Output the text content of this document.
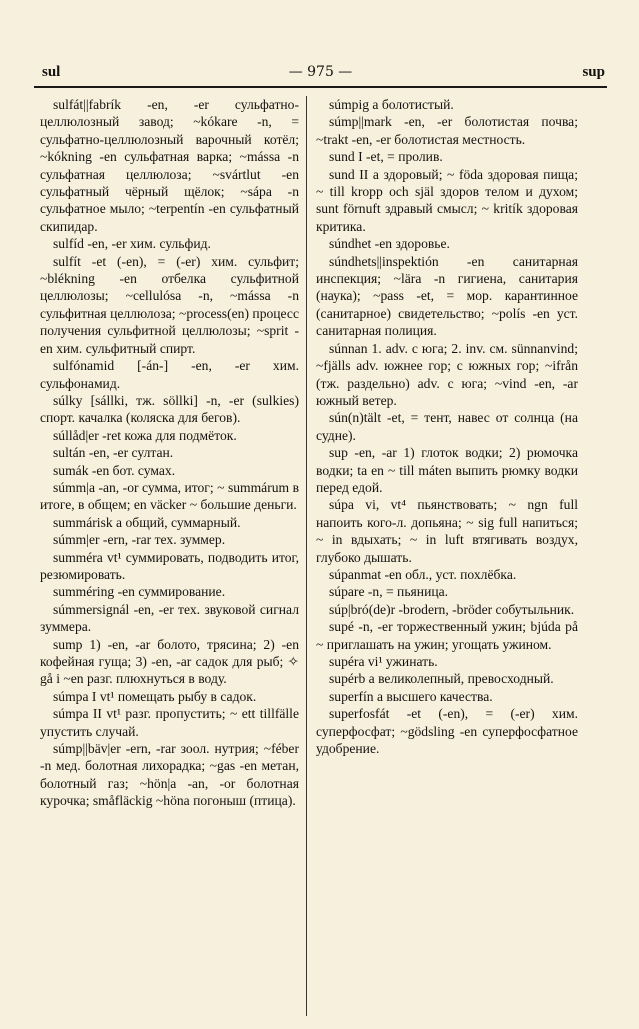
sul	— 975 —	sup

sulfát||fabrík -en, -er сульфатно-целлюлозный завод; ~kókare -n, = сульфатно-целлюлозный варочный котёл; ~kókning -en сульфатная варка; ~mássa -n сульфатная целлюлоза; ~svártlut -en сульфатный чёрный щёлок; ~sápa -n сульфатное мыло; ~terpentín -en сульфатный скипидар.

sulfíd -en, -er хим. сульфид.

sulfít -et (-en), = (-er) хим. сульфит; ~blékning -en отбелка сульфитной целлюлозы; ~cellulósa -n, ~mássa -n сульфитная целлюлоза; ~process(en) процесс получения сульфитной целлюлозы; ~sprit -en хим. сульфитный спирт.

sulfónamid [-án-] -en, -er хим. сульфонамид.

súlky [sállki, тж. söllki] -n, -er (sulkies) спорт. качалка (коляска для бегов).

súllåd|er -ret кожа для подмёток.

sultán -en, -er султан.

sumák -en бот. сумах.

súmm|a -an, -or сумма, итог; ~ summárum в итоге, в общем; en väcker ~ большие деньги.

summárisk a общий, суммарный.

súmm|er -ern, -rar тех. зуммер.

summéra vt¹ суммировать, подводить итог, резюмировать.

summéring -en суммирование.

súmmersignál -en, -er тех. звуковой сигнал зуммера.

sump 1) -en, -ar болото, трясина; 2) -en кофейная гуща; 3) -en, -ar садок для рыб; ✧ gå i ~en разг. плюхнуться в воду.

súmpa I vt¹ помещать рыбу в садок.

súmpa II vt¹ разг. пропустить; ~ ett tillfälle упустить случай.

súmp||bäv|er -ern, -rar зоол. нутрия; ~féber -n мед. болотная лихорадка; ~gas -en метан, болотный газ; ~hön|a -an, -or болотная курочка; småfläckig ~höna погоныш (птица).

súmpig a болотистый.

súmp||mark -en, -er болотистая почва; ~trakt -en, -er болотистая местность.

sund I -et, = пролив.

sund II a здоровый; ~ föda здоровая пища; ~ till kropp och själ здоров телом и духом; sunt förnuft здравый смысл; ~ kritík здоровая критика.

súndhet -en здоровье.

súndhets||inspektión -en санитарная инспекция; ~lära -n гигиена, санитария (наука); ~pass -et, = мор. карантинное (санитарное) свидетельство; ~polís -en уст. санитарная полиция.

súnnan 1. adv. с юга; 2. inv. см. sünnanvind; ~fjälls adv. южнее гор; с южных гор; ~ifrån (тж. раздельно) adv. с юга; ~vind -en, -ar южный ветер.

sún(n)tält -et, = тент, навес от солнца (на судне).

sup -en, -ar 1) глоток водки; 2) рюмочка водки; ta en ~ till máten выпить рюмку водки перед едой.

súpa vi, vt⁴ пьянствовать; ~ ngn full напоить кого-л. допьяна; ~ sig full напиться; ~ in вдыхать; ~ in luft втягивать воздух, глубоко дышать.

súpanmat -en обл., уст. похлёбка.

súpare -n, = пьяница.

súp|bró(de)r -brodern, -bröder собутыльник.

supé -n, -er торжественный ужин; bjúda på ~ приглашать на ужин; угощать ужином.

supéra vi¹ ужинать.

supérb a великолепный, превосходный.

superfín a высшего качества.

superfosfát -et (-en), = (-er) хим. суперфосфат; ~gödsling -en суперфосфатное удобрение.
